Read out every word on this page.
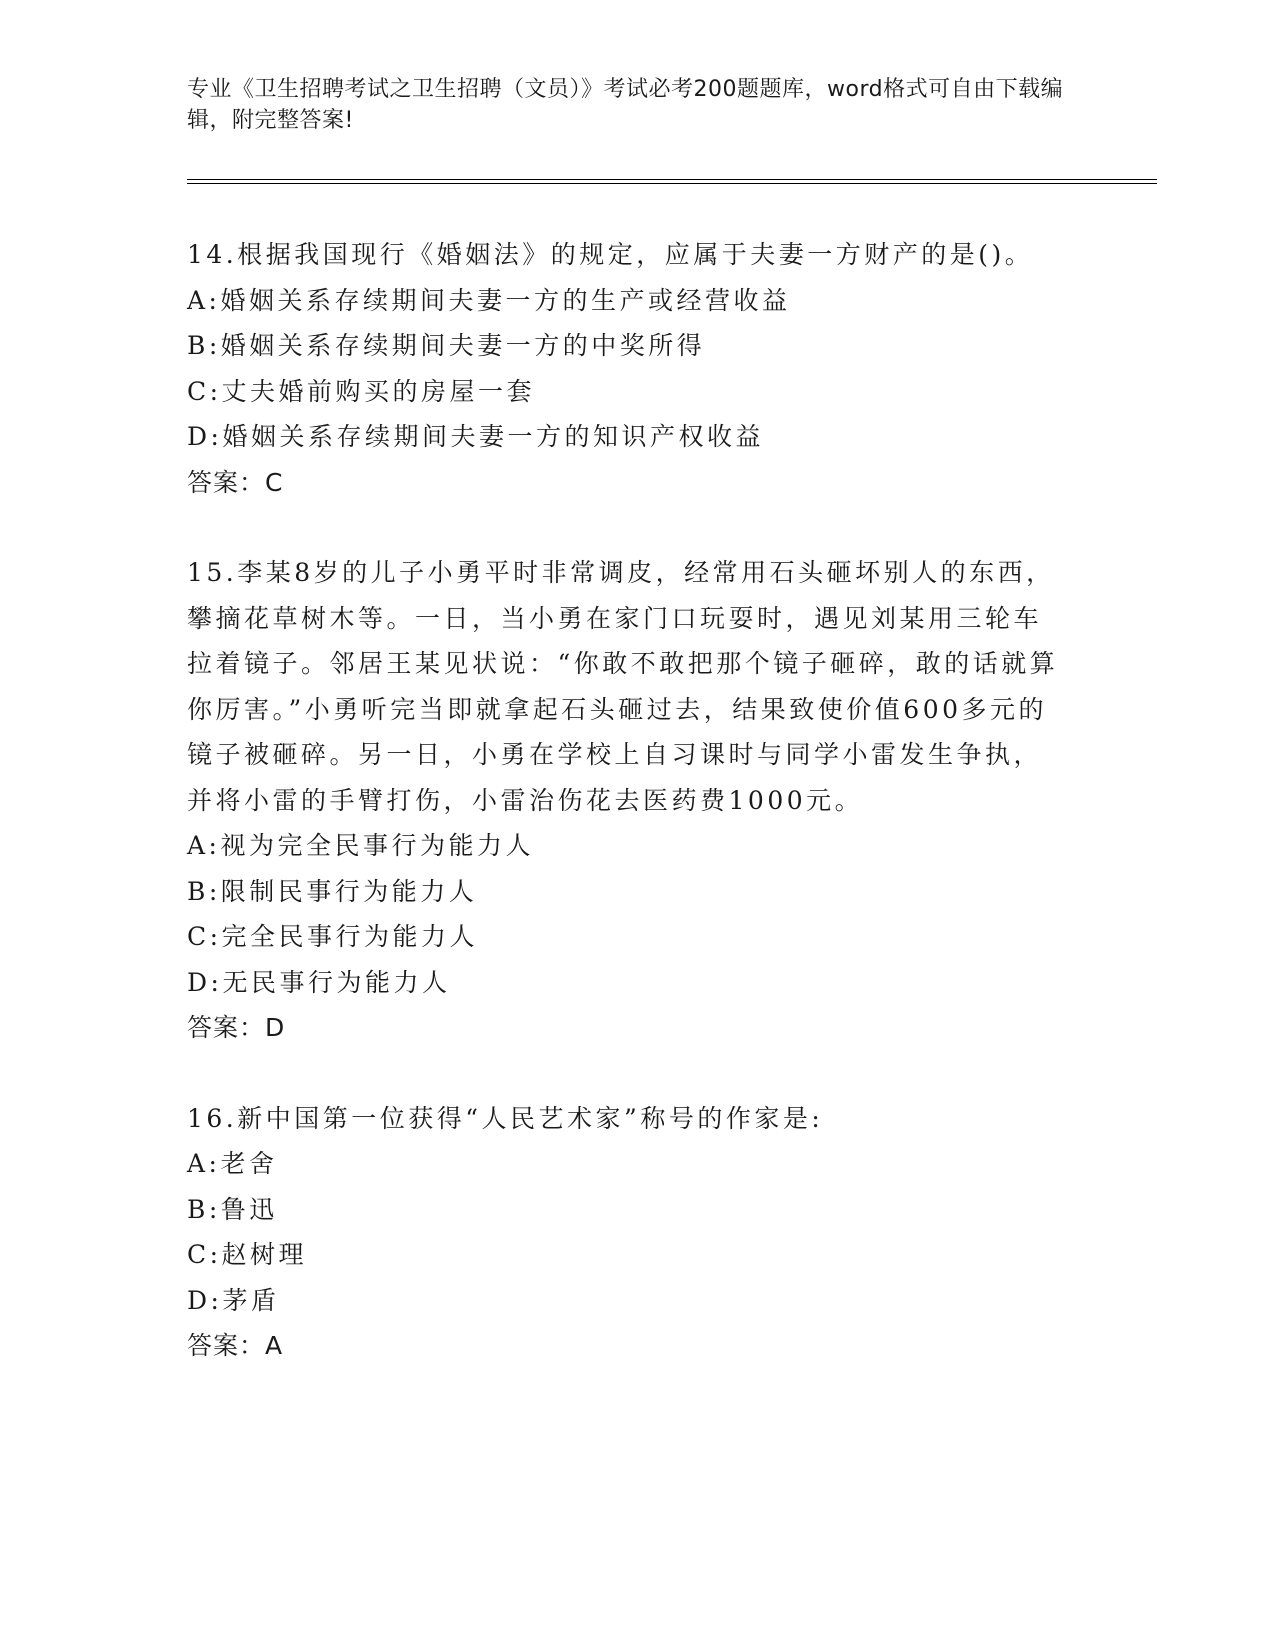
专业《卫生招聘考试之卫生招聘（文员）》考试必考200题题库，word格式可自由下载编辑，附完整答案!

14.根据我国现行《婚姻法》的规定，应属于夫妻一方财产的是()。

A:婚姻关系存续期间夫妻一方的生产或经营收益

B:婚姻关系存续期间夫妻一方的中奖所得

C:丈夫婚前购买的房屋一套

D:婚姻关系存续期间夫妻一方的知识产权收益

答案：C

15.李某8岁的儿子小勇平时非常调皮，经常用石头砸坏别人的东西，攀摘花草树木等。一日，当小勇在家门口玩耍时，遇见刘某用三轮车拉着镜子。邻居王某见状说：“你敢不敢把那个镜子砸碎，敢的话就算你厉害。”小勇听完当即就拿起石头砸过去，结果致使价值600多元的镜子被砸碎。另一日，小勇在学校上自习课时与同学小雷发生争执，并将小雷的手臂打伤，小雷治伤花去医药费1000元。

A:视为完全民事行为能力人

B:限制民事行为能力人

C:完全民事行为能力人

D:无民事行为能力人

答案：D

16.新中国第一位获得“人民艺术家”称号的作家是:

A:老舍

B:鲁迅

C:赵树理

D:茅盾

答案：A
